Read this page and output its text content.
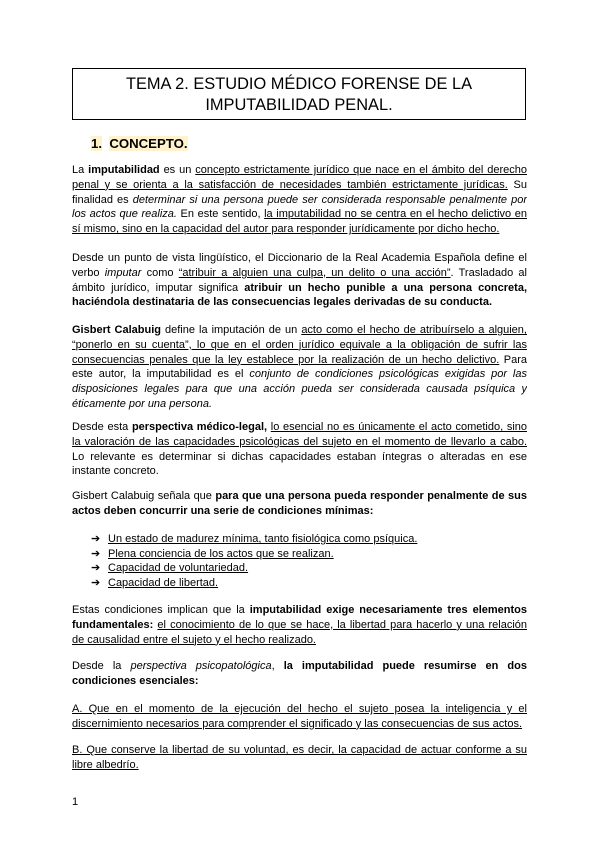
TEMA 2. ESTUDIO MÉDICO FORENSE DE LA
IMPUTABILIDAD PENAL.
1. CONCEPTO.
La imputabilidad es un concepto estrictamente jurídico que nace en el ámbito del derecho
penal y se orienta a la satisfacción de necesidades también estrictamente jurídicas. Su
finalidad es determinar si una persona puede ser considerada responsable penalmente por
los actos que realiza. En este sentido, la imputabilidad no se centra en el hecho delictivo en
sí mismo, sino en la capacidad del autor para responder jurídicamente por dicho hecho.
Desde un punto de vista lingüístico, el Diccionario de la Real Academia Española define el
verbo imputar como “atribuir a alguien una culpa, un delito o una acción”. Trasladado al
ámbito jurídico, imputar significa atribuir un hecho punible a una persona concreta,
haciéndola destinataria de las consecuencias legales derivadas de su conducta.
Gisbert Calabuig define la imputación de un acto como el hecho de atribuírselo a alguien,
“ponerlo en su cuenta”, lo que en el orden jurídico equivale a la obligación de sufrir las
consecuencias penales que la ley establece por la realización de un hecho delictivo. Para
este autor, la imputabilidad es el conjunto de condiciones psicológicas exigidas por las
disposiciones legales para que una acción pueda ser considerada causada psíquica y
éticamente por una persona.
Desde esta perspectiva médico-legal, lo esencial no es únicamente el acto cometido, sino
la valoración de las capacidades psicológicas del sujeto en el momento de llevarlo a cabo.
Lo relevante es determinar si dichas capacidades estaban íntegras o alteradas en ese
instante concreto.
Gisbert Calabuig señala que para que una persona pueda responder penalmente de sus
actos deben concurrir una serie de condiciones mínimas:
➔ Un estado de madurez mínima, tanto fisiológica como psíquica.
➔ Plena conciencia de los actos que se realizan.
➔ Capacidad de voluntariedad.
➔ Capacidad de libertad.
Estas condiciones implican que la imputabilidad exige necesariamente tres elementos
fundamentales: el conocimiento de lo que se hace, la libertad para hacerlo y una relación
de causalidad entre el sujeto y el hecho realizado.
Desde la perspectiva psicopatológica, la imputabilidad puede resumirse en dos
condiciones esenciales:
A. Que en el momento de la ejecución del hecho el sujeto posea la inteligencia y el
discernimiento necesarios para comprender el significado y las consecuencias de sus actos.
B. Que conserve la libertad de su voluntad, es decir, la capacidad de actuar conforme a su
libre albedrío.
1
